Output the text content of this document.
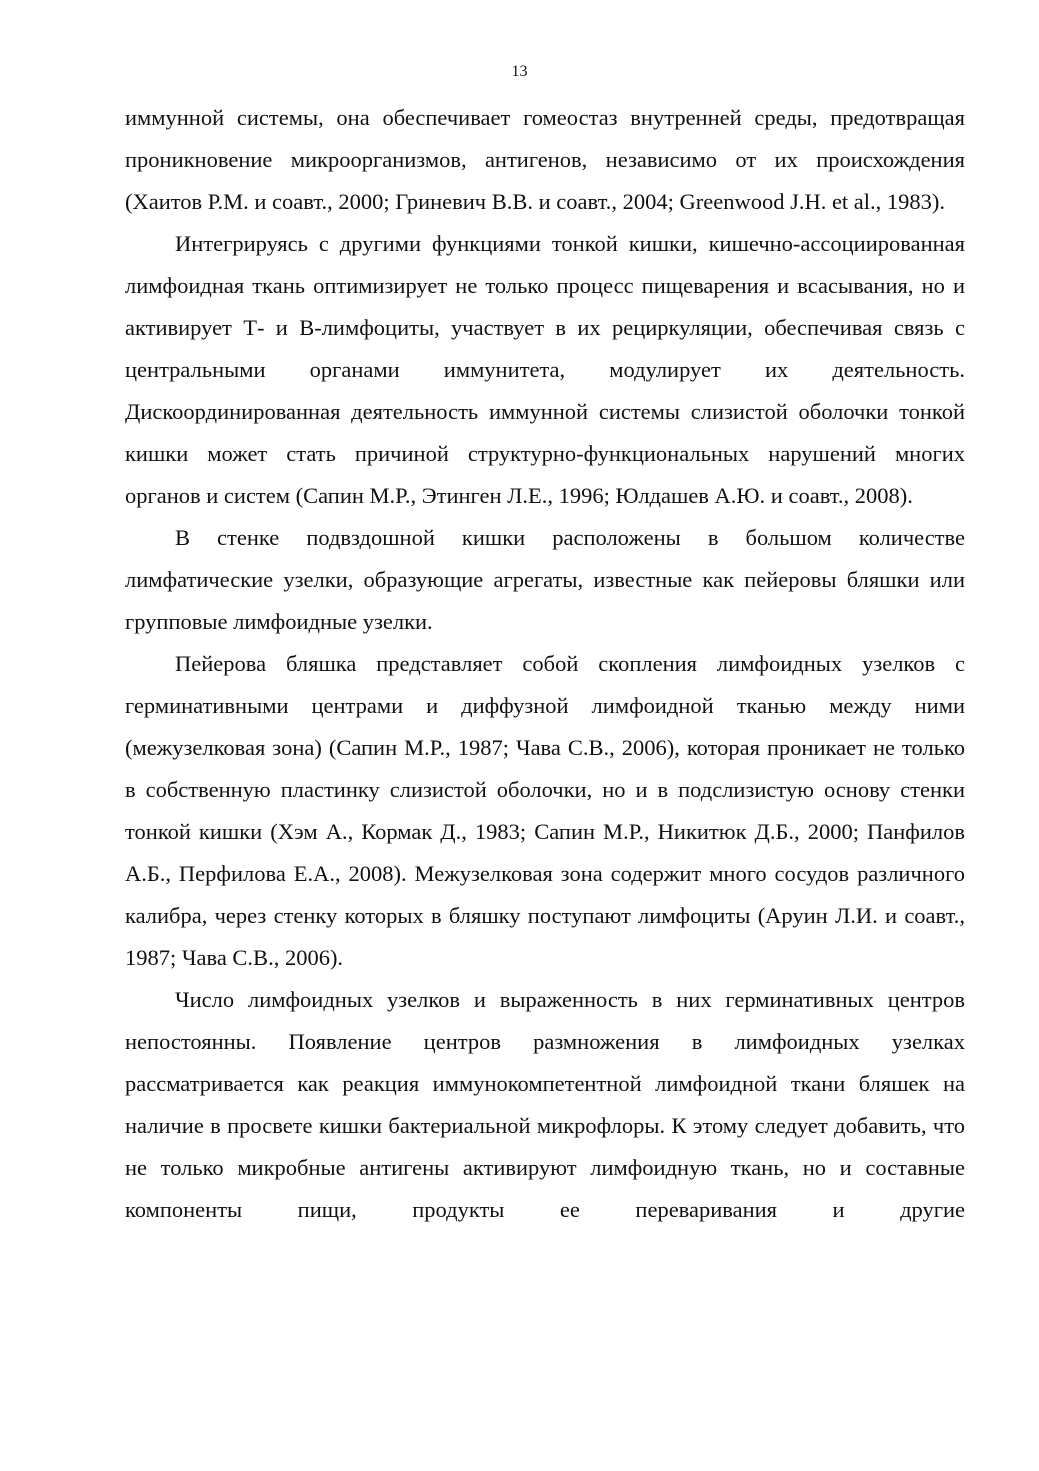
13

иммунной системы, она обеспечивает гомеостаз внутренней среды, предотвращая проникновение микроорганизмов, антигенов, независимо от их происхождения (Хаитов Р.М. и соавт., 2000; Гриневич В.В. и соавт., 2004; Greenwood J.H. et al., 1983).

Интегрируясь с другими функциями тонкой кишки, кишечно-ассоциированная лимфоидная ткань оптимизирует не только процесс пищеварения и всасывания, но и активирует Т- и В-лимфоциты, участвует в их рециркуляции, обеспечивая связь с центральными органами иммунитета, модулирует их деятельность. Дискоординированная деятельность иммунной системы слизистой оболочки тонкой кишки может стать причиной структурно-функциональных нарушений многих органов и систем (Сапин М.Р., Этинген Л.Е., 1996; Юлдашев А.Ю. и соавт., 2008).

В стенке подвздошной кишки расположены в большом количестве лимфатические узелки, образующие агрегаты, известные как пейеровы бляшки или групповые лимфоидные узелки.

Пейерова бляшка представляет собой скопления лимфоидных узелков с герминативными центрами и диффузной лимфоидной тканью между ними (межузелковая зона) (Сапин М.Р., 1987; Чава С.В., 2006), которая проникает не только в собственную пластинку слизистой оболочки, но и в подслизистую основу стенки тонкой кишки (Хэм А., Кормак Д., 1983; Сапин М.Р., Никитюк Д.Б., 2000; Панфилов А.Б., Перфилова Е.А., 2008). Межузелковая зона содержит много сосудов различного калибра, через стенку которых в бляшку поступают лимфоциты (Аруин Л.И. и соавт., 1987; Чава С.В., 2006).

Число лимфоидных узелков и выраженность в них герминативных центров непостоянны. Появление центров размножения в лимфоидных узелках рассматривается как реакция иммунокомпетентной лимфоидной ткани бляшек на наличие в просвете кишки бактериальной микрофлоры. К этому следует добавить, что не только микробные антигены активируют лимфоидную ткань, но и составные компоненты пищи, продукты ее переваривания и другие
